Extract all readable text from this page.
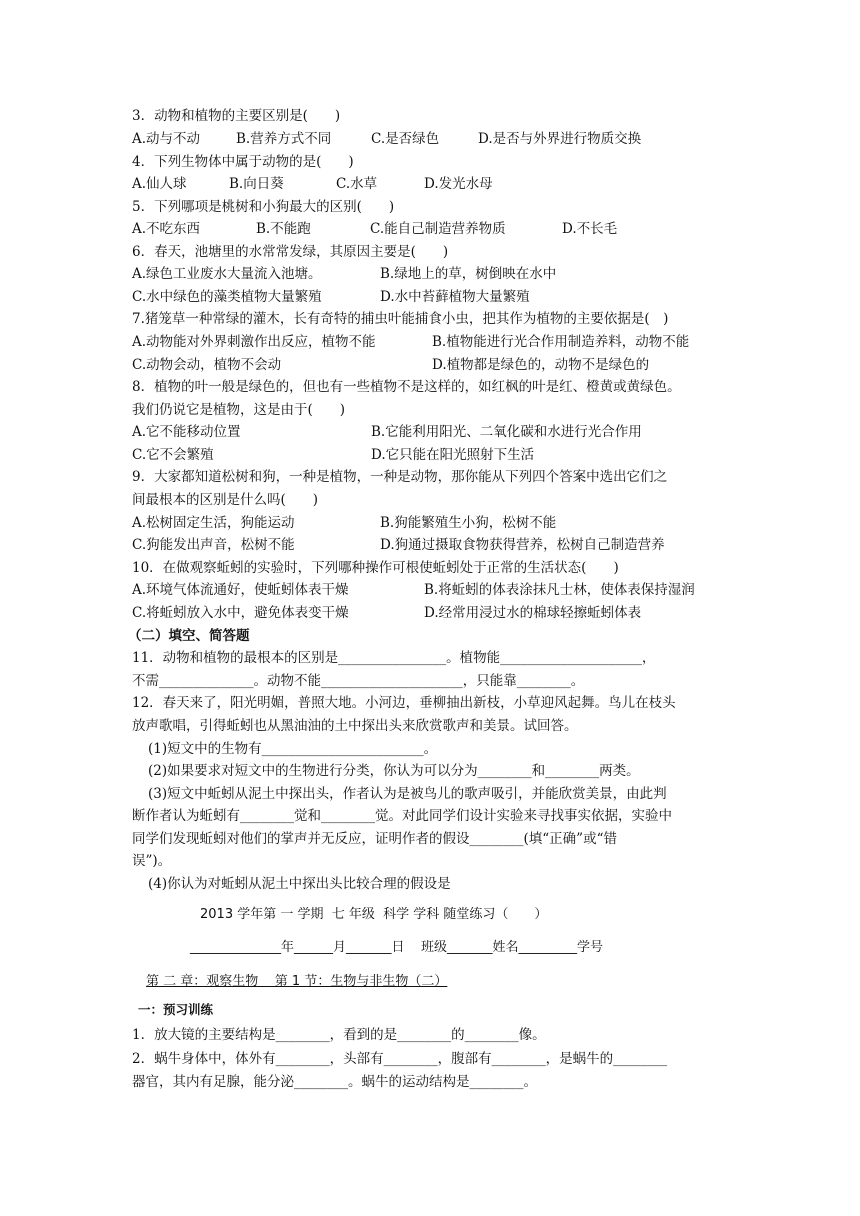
3．动物和植物的主要区别是(　　)
A.动与不动	B.营养方式不同	C.是否绿色	D.是否与外界进行物质交换
4．下列生物体中属于动物的是(　　)
A.仙人球	B.向日葵	C.水草	D.发光水母
5．下列哪项是桃树和小狗最大的区别(　　)
A.不吃东西	B.不能跑	C.能自己制造营养物质	D.不长毛
6．春天，池塘里的水常常发绿，其原因主要是(　　)
A.绿色工业废水大量流入池塘。	B.绿地上的草，树倒映在水中
C.水中绿色的藻类植物大量繁殖	D.水中苔藓植物大量繁殖
7.猪笼草一种常绿的灌木，长有奇特的捕虫叶能捕食小虫，把其作为植物的主要依据是(　)
A.动物能对外界刺激作出反应，植物不能	B.植物能进行光合作用制造养料，动物不能
C.动物会动，植物不会动	D.植物都是绿色的，动物不是绿色的
8．植物的叶一般是绿色的，但也有一些植物不是这样的，如红枫的叶是红、橙黄或黄绿色。
我们仍说它是植物，这是由于(　　)
A.它不能移动位置	B.它能利用阳光、二氧化碳和水进行光合作用
C.它不会繁殖	D.它只能在阳光照射下生活
9．大家都知道松树和狗，一种是植物，一种是动物，那你能从下列四个答案中选出它们之
间最根本的区别是什么吗(　　)
A.松树固定生活，狗能运动	B.狗能繁殖生小狗，松树不能
C.狗能发出声音，松树不能	D.狗通过摄取食物获得营养，松树自己制造营养
10．在做观察蚯蚓的实验时，下列哪种操作可根使蚯蚓处于正常的生活状态(　　)
A.环境气体流通好，使蚯蚓体表干燥	B.将蚯蚓的体表涂抹凡士林，使体表保持湿润
C.将蚯蚓放入水中，避免体表变干燥	D.经常用浸过水的棉球轻擦蚯蚓体表
（二）填空、简答题
11．动物和植物的最根本的区别是________________。植物能_____________________，
不需______________。动物不能_____________________，只能靠________。
12．春天来了，阳光明媚，普照大地。小河边，垂柳抽出新枝，小草迎风起舞。鸟儿在枝头
放声歌唱，引得蚯蚓也从黑油油的土中探出头来欣赏歌声和美景。试回答。
(1)短文中的生物有________________________。
(2)如果要求对短文中的生物进行分类，你认为可以分为________和________两类。
(3)短文中蚯蚓从泥土中探出头，作者认为是被鸟儿的歌声吸引，并能欣赏美景，由此判
断作者认为蚯蚓有________觉和________觉。对此同学们设计实验来寻找事实依据，实验中
同学们发现蚯蚓对他们的掌声并无反应，证明作者的假设________(填“正确”或“错
误”)。
(4)你认为对蚯蚓从泥土中探出头比较合理的假设是
2013 学年第 一 学期  七 年级  科学 学科 随堂练习（　　）
______________年______月_______日    班级_______姓名_________学号
第 二 章：观察生物    第 1 节：生物与非生物（二）
一：预习训练
1．放大镜的主要结构是________，看到的是________的________像。
2．蜗牛身体中，体外有________，头部有________，腹部有________，是蜗牛的________
器官，其内有足腺，能分泌________。蜗牛的运动结构是________。
